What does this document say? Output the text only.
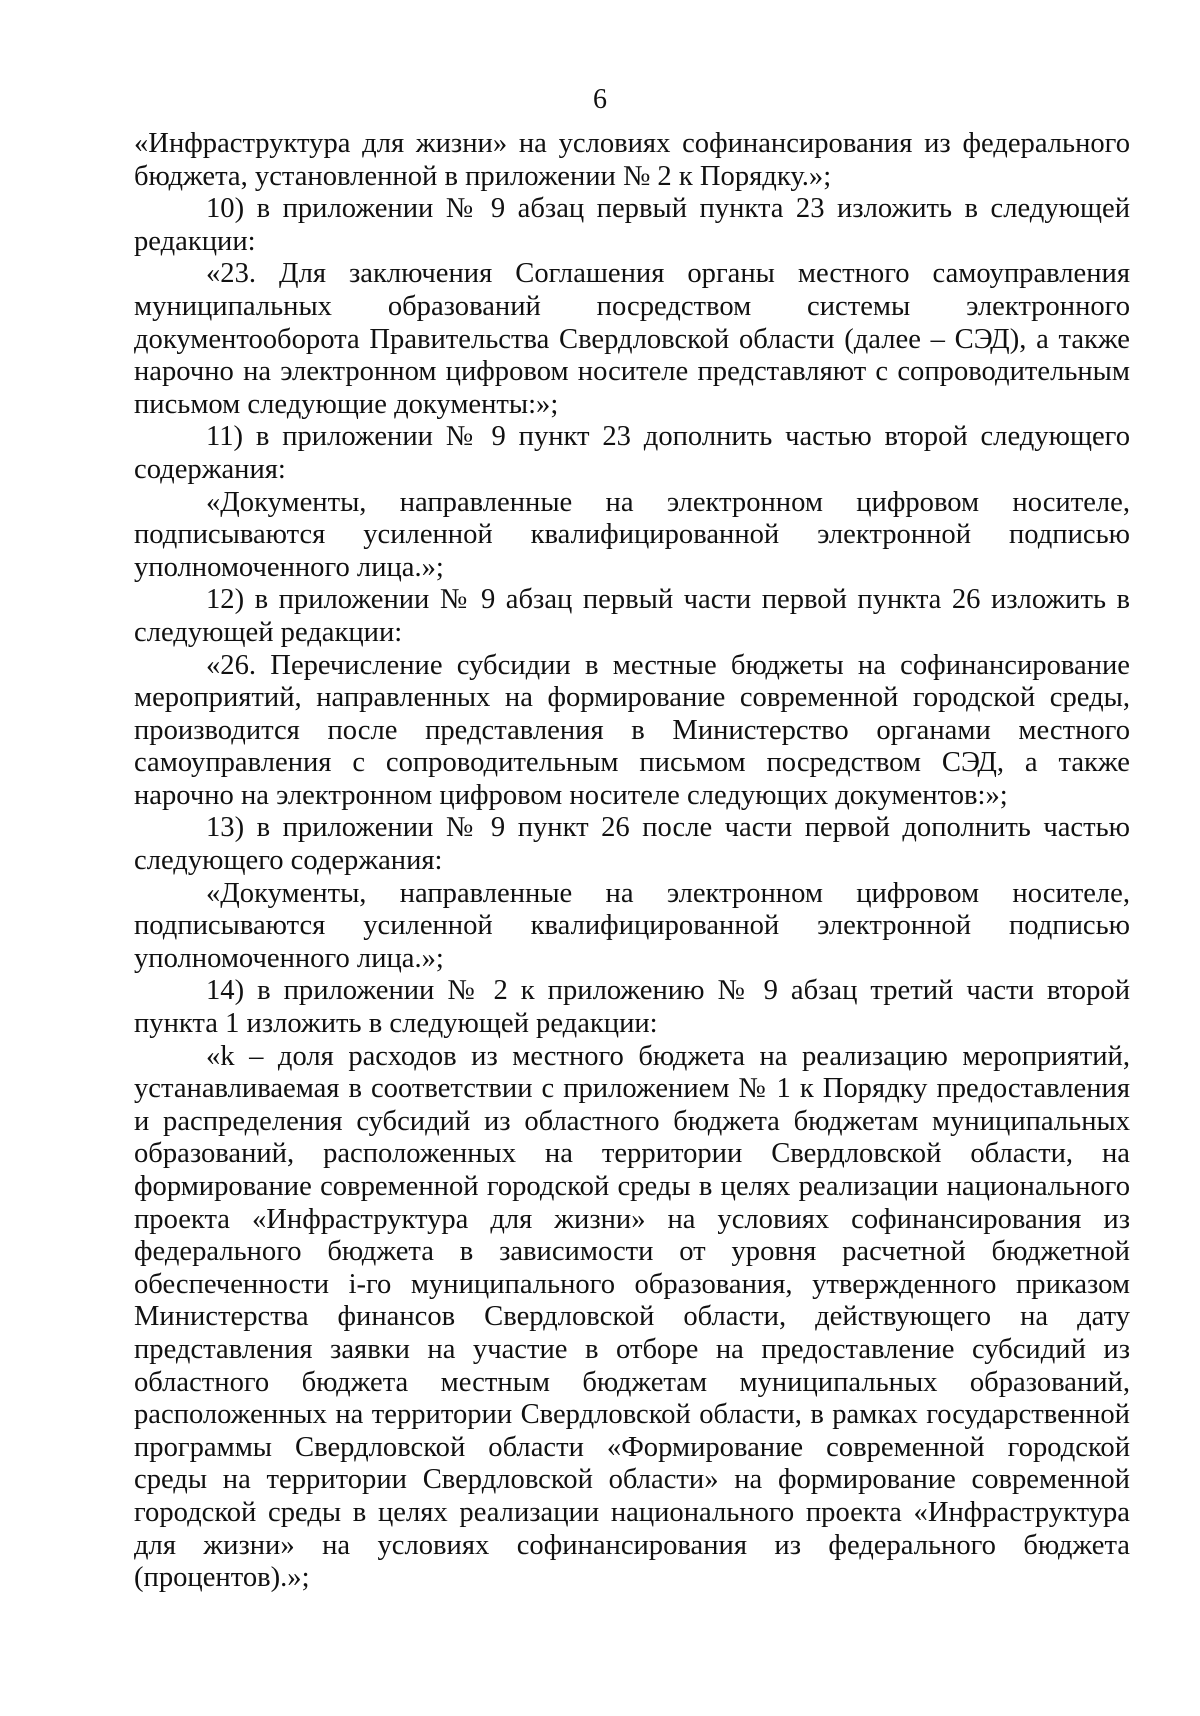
6

«Инфраструктура для жизни» на условиях софинансирования из федерального бюджета, установленной в приложении № 2 к Порядку.»;

10) в приложении № 9 абзац первый пункта 23 изложить в следующей редакции:

«23. Для заключения Соглашения органы местного самоуправления муниципальных образований посредством системы электронного документооборота Правительства Свердловской области (далее – СЭД), а также нарочно на электронном цифровом носителе представляют с сопроводительным письмом следующие документы:»;

11) в приложении № 9 пункт 23 дополнить частью второй следующего содержания:

«Документы, направленные на электронном цифровом носителе, подписываются усиленной квалифицированной электронной подписью уполномоченного лица.»;

12) в приложении № 9 абзац первый части первой пункта 26 изложить в следующей редакции:

«26. Перечисление субсидии в местные бюджеты на софинансирование мероприятий, направленных на формирование современной городской среды, производится после представления в Министерство органами местного самоуправления с сопроводительным письмом посредством СЭД, а также нарочно на электронном цифровом носителе следующих документов:»;

13) в приложении № 9 пункт 26 после части первой дополнить частью следующего содержания:

«Документы, направленные на электронном цифровом носителе, подписываются усиленной квалифицированной электронной подписью уполномоченного лица.»;

14) в приложении № 2 к приложению № 9 абзац третий части второй пункта 1 изложить в следующей редакции:

«k – доля расходов из местного бюджета на реализацию мероприятий, устанавливаемая в соответствии с приложением № 1 к Порядку предоставления и распределения субсидий из областного бюджета бюджетам муниципальных образований, расположенных на территории Свердловской области, на формирование современной городской среды в целях реализации национального проекта «Инфраструктура для жизни» на условиях софинансирования из федерального бюджета в зависимости от уровня расчетной бюджетной обеспеченности i-го муниципального образования, утвержденного приказом Министерства финансов Свердловской области, действующего на дату представления заявки на участие в отборе на предоставление субсидий из областного бюджета местным бюджетам муниципальных образований, расположенных на территории Свердловской области, в рамках государственной программы Свердловской области «Формирование современной городской среды на территории Свердловской области» на формирование современной городской среды в целях реализации национального проекта «Инфраструктура для жизни» на условиях софинансирования из федерального бюджета (процентов).»;
